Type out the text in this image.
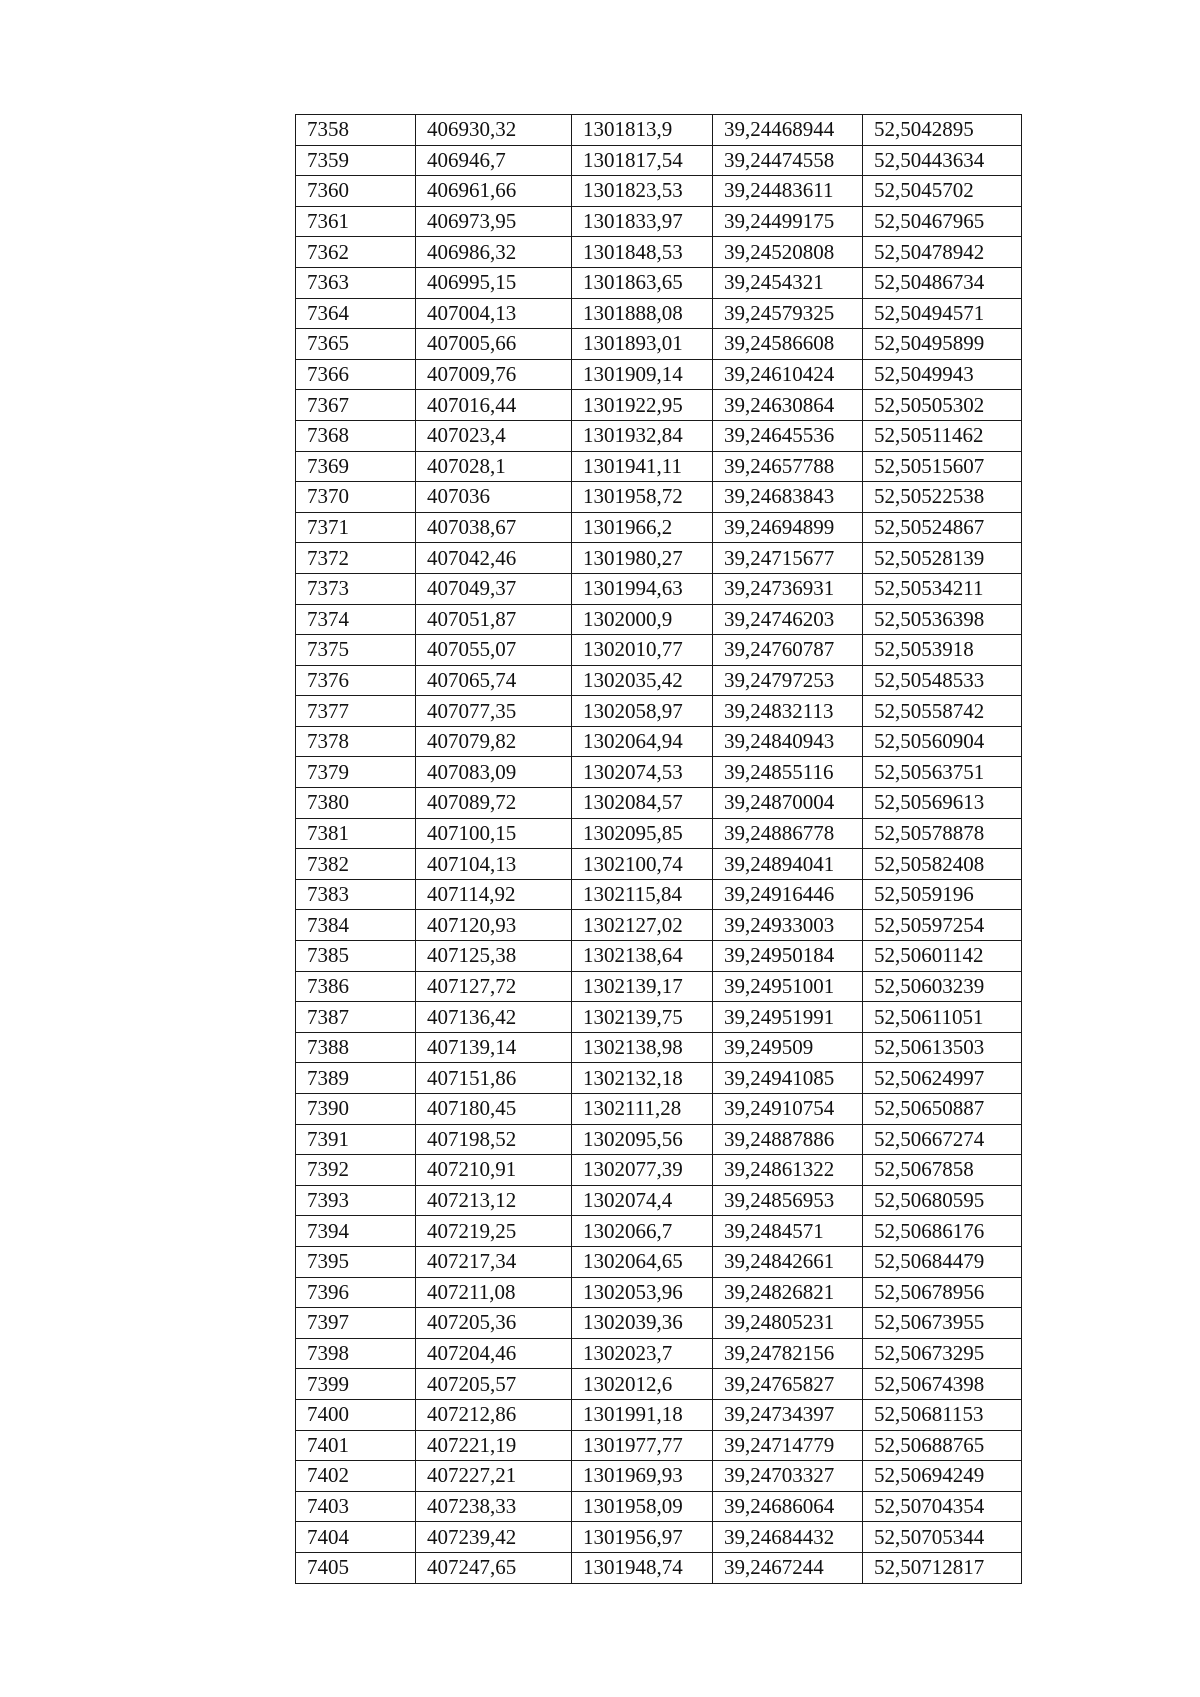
7358	406930,32	1301813,9	39,24468944	52,5042895
7359	406946,7	1301817,54	39,24474558	52,50443634
7360	406961,66	1301823,53	39,24483611	52,5045702
7361	406973,95	1301833,97	39,24499175	52,50467965
7362	406986,32	1301848,53	39,24520808	52,50478942
7363	406995,15	1301863,65	39,2454321	52,50486734
7364	407004,13	1301888,08	39,24579325	52,50494571
7365	407005,66	1301893,01	39,24586608	52,50495899
7366	407009,76	1301909,14	39,24610424	52,5049943
7367	407016,44	1301922,95	39,24630864	52,50505302
7368	407023,4	1301932,84	39,24645536	52,50511462
7369	407028,1	1301941,11	39,24657788	52,50515607
7370	407036	1301958,72	39,24683843	52,50522538
7371	407038,67	1301966,2	39,24694899	52,50524867
7372	407042,46	1301980,27	39,24715677	52,50528139
7373	407049,37	1301994,63	39,24736931	52,50534211
7374	407051,87	1302000,9	39,24746203	52,50536398
7375	407055,07	1302010,77	39,24760787	52,5053918
7376	407065,74	1302035,42	39,24797253	52,50548533
7377	407077,35	1302058,97	39,24832113	52,50558742
7378	407079,82	1302064,94	39,24840943	52,50560904
7379	407083,09	1302074,53	39,24855116	52,50563751
7380	407089,72	1302084,57	39,24870004	52,50569613
7381	407100,15	1302095,85	39,24886778	52,50578878
7382	407104,13	1302100,74	39,24894041	52,50582408
7383	407114,92	1302115,84	39,24916446	52,5059196
7384	407120,93	1302127,02	39,24933003	52,50597254
7385	407125,38	1302138,64	39,24950184	52,50601142
7386	407127,72	1302139,17	39,24951001	52,50603239
7387	407136,42	1302139,75	39,24951991	52,50611051
7388	407139,14	1302138,98	39,249509	52,50613503
7389	407151,86	1302132,18	39,24941085	52,50624997
7390	407180,45	1302111,28	39,24910754	52,50650887
7391	407198,52	1302095,56	39,24887886	52,50667274
7392	407210,91	1302077,39	39,24861322	52,5067858
7393	407213,12	1302074,4	39,24856953	52,50680595
7394	407219,25	1302066,7	39,2484571	52,50686176
7395	407217,34	1302064,65	39,24842661	52,50684479
7396	407211,08	1302053,96	39,24826821	52,50678956
7397	407205,36	1302039,36	39,24805231	52,50673955
7398	407204,46	1302023,7	39,24782156	52,50673295
7399	407205,57	1302012,6	39,24765827	52,50674398
7400	407212,86	1301991,18	39,24734397	52,50681153
7401	407221,19	1301977,77	39,24714779	52,50688765
7402	407227,21	1301969,93	39,24703327	52,50694249
7403	407238,33	1301958,09	39,24686064	52,50704354
7404	407239,42	1301956,97	39,24684432	52,50705344
7405	407247,65	1301948,74	39,2467244	52,50712817
